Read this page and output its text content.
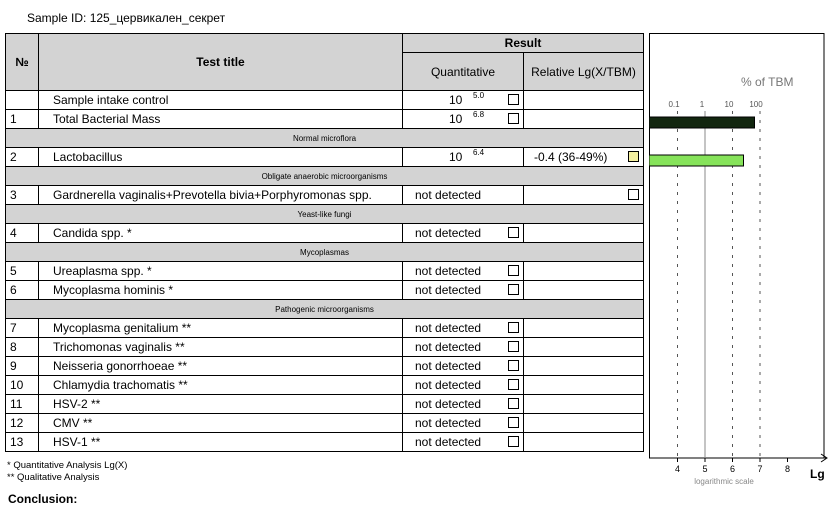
Sample ID: 125_цервикален_секрет
№	Test title	Result	
		Quantitative	Relative Lg(X/TBM)
	Sample intake control	10 5.0	

1	Total Bacterial Mass	10 6.8	

Normal microflora			
2	Lactobacillus	10 6.4	-0.4 (36-49%)

Obligate anaerobic microorganisms			
3	Gardnerella vaginalis+Prevotella bivia+Porphyromonas spp.	not detected	

Yeast-like fungi			
4	Candida spp. *	not detected	

Mycoplasmas			
5	Ureaplasma spp. *	not detected	

6	Mycoplasma hominis *	not detected	

Pathogenic microorganisms			
7	Mycoplasma genitalium **	not detected	

8	Trichomonas vaginalis **	not detected	

9	Neisseria gonorrhoeae **	not detected	

10	Chlamydia trachomatis **	not detected	

11	HSV-2 **	not detected	

12	CMV **	not detected	

13	HSV-1 **	not detected	

* Quantitative Analysis Lg(X)
** Qualitative Analysis
Conclusion:
% of TBM
0.1	1	10 100
4 5 6 7 8
logarithmic scale
Lg
